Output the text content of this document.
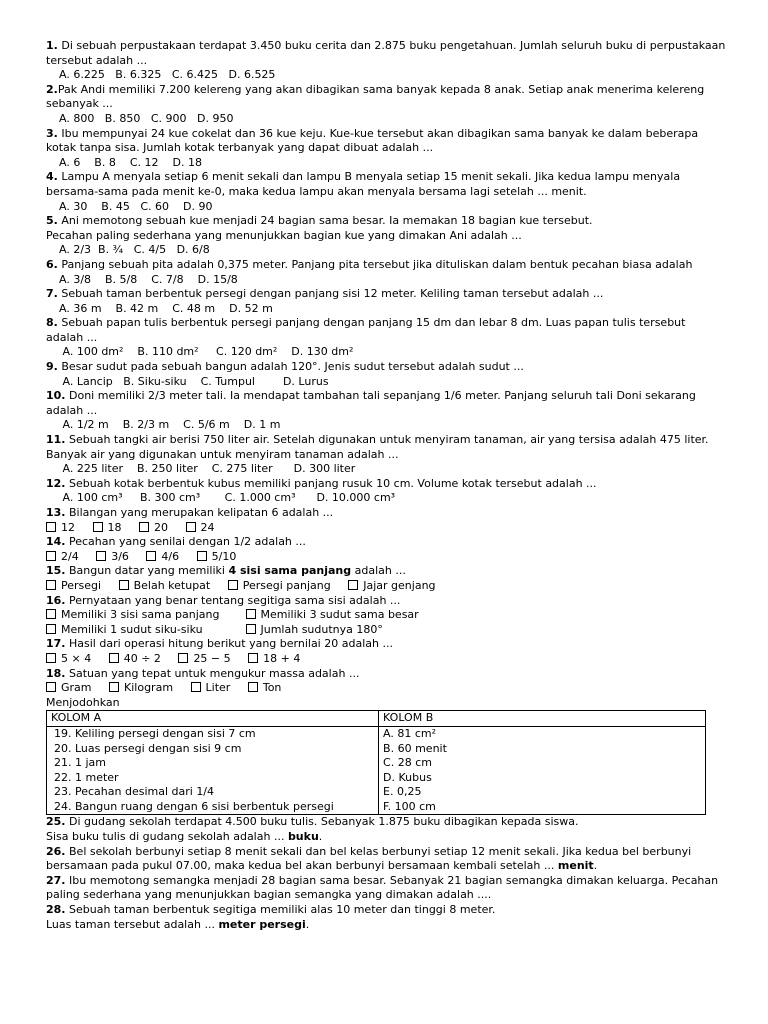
1. Di sebuah perpustakaan terdapat 3.450 buku cerita dan 2.875 buku pengetahuan. Jumlah seluruh buku di perpustakaan tersebut adalah ...

A. 6.225   B. 6.325   C. 6.425   D. 6.525

2.Pak Andi memiliki 7.200 kelereng yang akan dibagikan sama banyak kepada 8 anak. Setiap anak menerima kelereng sebanyak ...

A. 800   B. 850   C. 900   D. 950

3. Ibu mempunyai 24 kue cokelat dan 36 kue keju. Kue-kue tersebut akan dibagikan sama banyak ke dalam beberapa kotak tanpa sisa. Jumlah kotak terbanyak yang dapat dibuat adalah ...

A. 6    B. 8    C. 12    D. 18

4. Lampu A menyala setiap 6 menit sekali dan lampu B menyala setiap 15 menit sekali. Jika kedua lampu menyala bersama-sama pada menit ke-0, maka kedua lampu akan menyala bersama lagi setelah ... menit.

A. 30    B. 45   C. 60    D. 90

5. Ani memotong sebuah kue menjadi 24 bagian sama besar. Ia memakan 18 bagian kue tersebut.

Pecahan paling sederhana yang menunjukkan bagian kue yang dimakan Ani adalah ...

A. 2/3  B. ¾   C. 4/5   D. 6/8

6. Panjang sebuah pita adalah 0,375 meter. Panjang pita tersebut jika dituliskan dalam bentuk pecahan biasa adalah

A. 3/8    B. 5/8    C. 7/8    D. 15/8

7. Sebuah taman berbentuk persegi dengan panjang sisi 12 meter. Keliling taman tersebut adalah ...

A. 36 m    B. 42 m    C. 48 m    D. 52 m

8. Sebuah papan tulis berbentuk persegi panjang dengan panjang 15 dm dan lebar 8 dm. Luas papan tulis tersebut adalah ...

A. 100 dm²    B. 110 dm²     C. 120 dm²    D. 130 dm²

9. Besar sudut pada sebuah bangun adalah 120°. Jenis sudut tersebut adalah sudut ...

A. Lancip   B. Siku-siku    C. Tumpul        D. Lurus

10. Doni memiliki 2/3 meter tali. Ia mendapat tambahan tali sepanjang 1/6 meter. Panjang seluruh tali Doni sekarang adalah ...

A. 1/2 m    B. 2/3 m    C. 5/6 m    D. 1 m

11. Sebuah tangki air berisi 750 liter air. Setelah digunakan untuk menyiram tanaman, air yang tersisa adalah 475 liter. Banyak air yang digunakan untuk menyiram tanaman adalah ...

A. 225 liter    B. 250 liter    C. 275 liter      D. 300 liter

12. Sebuah kotak berbentuk kubus memiliki panjang rusuk 10 cm. Volume kotak tersebut adalah ...

A. 100 cm³     B. 300 cm³       C. 1.000 cm³      D. 10.000 cm³

13. Bilangan yang merupakan kelipatan 6 adalah ...

12	18	20	24

14. Pecahan yang senilai dengan 1/2 adalah ...

2/4	3/6	4/6	5/10

15. Bangun datar yang memiliki 4 sisi sama panjang adalah ...

Persegi	Belah ketupat	Persegi panjang	Jajar genjang

16. Pernyataan yang benar tentang segitiga sama sisi adalah ...

Memiliki 3 sisi sama panjang	Memiliki 3 sudut sama besar
Memiliki 1 sudut siku-siku	Jumlah sudutnya 180°

17. Hasil dari operasi hitung berikut yang bernilai 20 adalah ...

5 × 4	40 ÷ 2	25 − 5	18 + 4

18. Satuan yang tepat untuk mengukur massa adalah ...

Gram	Kilogram	Liter	Ton

Menjodohkan

KOLOM A	KOLOM B
19. Keliling persegi dengan sisi 7 cm	A. 81 cm²
20. Luas persegi dengan sisi 9 cm	B. 60 menit
21. 1 jam	C. 28 cm
22. 1 meter	D. Kubus
23. Pecahan desimal dari 1/4	E. 0,25
24. Bangun ruang dengan 6 sisi berbentuk persegi	F. 100 cm

25. Di gudang sekolah terdapat 4.500 buku tulis. Sebanyak 1.875 buku dibagikan kepada siswa.

Sisa buku tulis di gudang sekolah adalah ... buku.

26. Bel sekolah berbunyi setiap 8 menit sekali dan bel kelas berbunyi setiap 12 menit sekali. Jika kedua bel berbunyi bersamaan pada pukul 07.00, maka kedua bel akan berbunyi bersamaan kembali setelah ... menit.

27. Ibu memotong semangka menjadi 28 bagian sama besar. Sebanyak 21 bagian semangka dimakan keluarga. Pecahan paling sederhana yang menunjukkan bagian semangka yang dimakan adalah ....

28. Sebuah taman berbentuk segitiga memiliki alas 10 meter dan tinggi 8 meter.

Luas taman tersebut adalah ... meter persegi.
